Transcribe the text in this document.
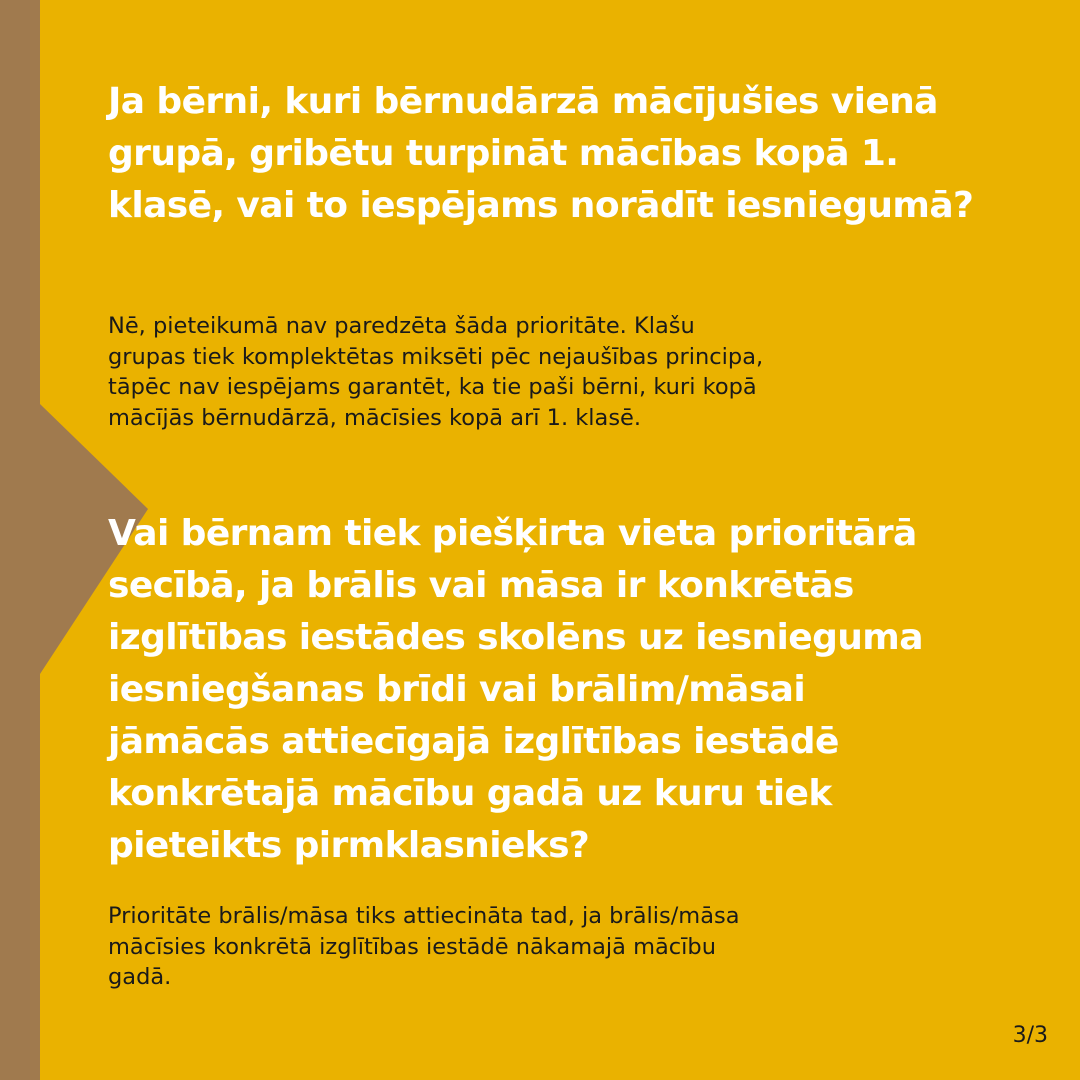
Ja bērni, kuri bērnudārzā mācījušies vienā
grupā, gribētu turpināt mācības kopā 1.
klasē, vai to iespējams norādīt iesniegumā?

Nē, pieteikumā nav paredzēta šāda prioritāte. Klašu
grupas tiek komplektētas miksēti pēc nejaušības principa,
tāpēc nav iespējams garantēt, ka tie paši bērni, kuri kopā
mācījās bērnudārzā, mācīsies kopā arī 1. klasē.

Vai bērnam tiek piešķirta vieta prioritārā
secībā, ja brālis vai māsa ir konkrētās
izglītības iestādes skolēns uz iesnieguma
iesniegšanas brīdi vai brālim/māsai
jāmācās attiecīgajā izglītības iestādē
konkrētajā mācību gadā uz kuru tiek
pieteikts pirmklasnieks?

Prioritāte brālis/māsa tiks attiecināta tad, ja brālis/māsa
mācīsies konkrētā izglītības iestādē nākamajā mācību
gadā.

3/3
